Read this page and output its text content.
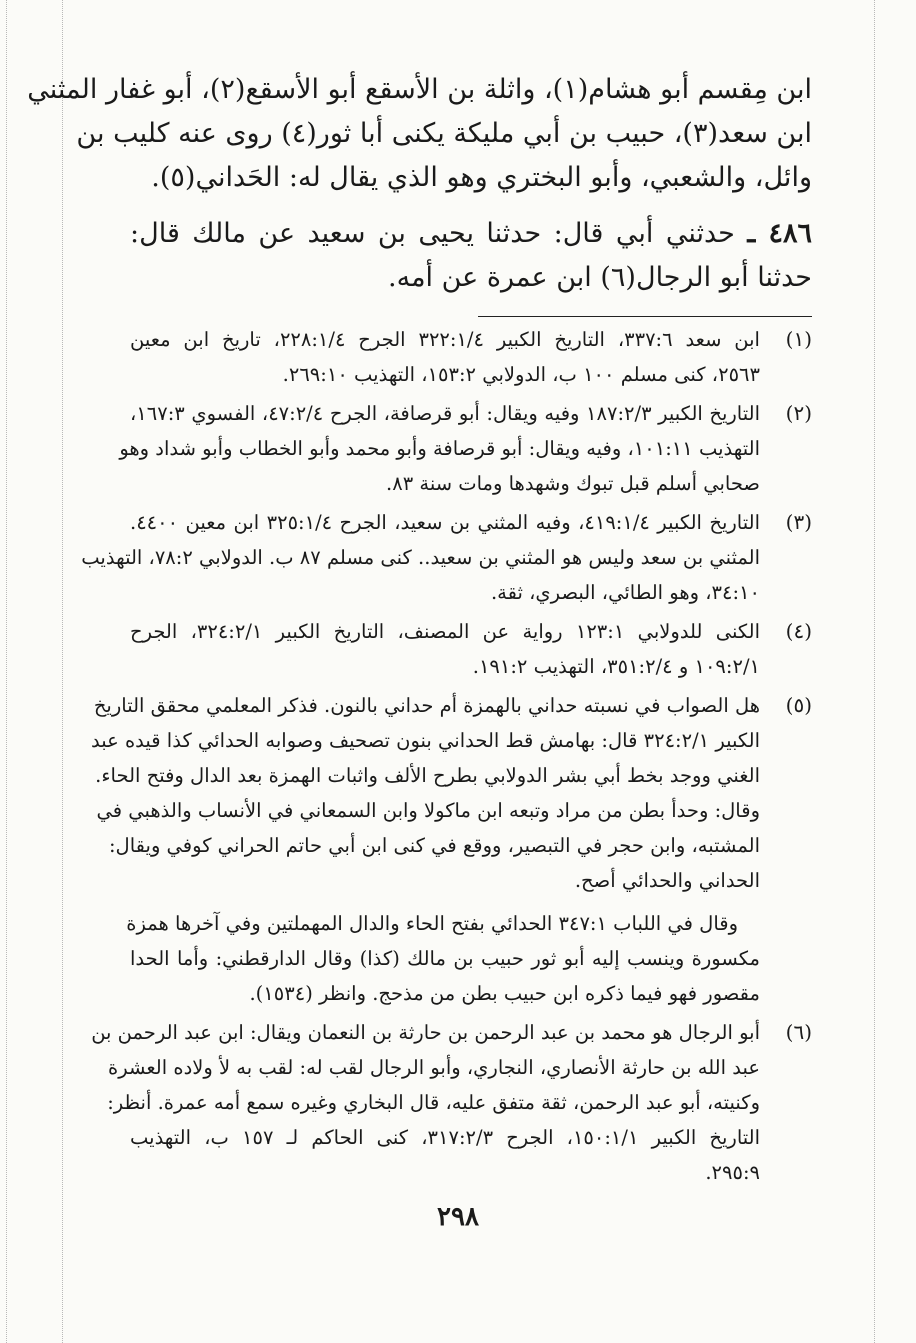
ابن مِقسم أبو هشام(١)، واثلة بن الأسقع أبو الأسقع(٢)، أبو غفار المثني
ابن سعد(٣)، حبيب بن أبي مليكة يكنى أبا ثور(٤) روى عنه كليب بن
وائل، والشعبي، وأبو البختري وهو الذي يقال له: الحَداني(٥).
٤٨٦ ـ حدثني أبي قال: حدثنا يحيى بن سعيد عن مالك قال:
حدثنا أبو الرجال(٦) ابن عمرة عن أمه.
(١)
ابن سعد ٣٣٧:٦، التاريخ الكبير ٣٢٢:١/٤ الجرح ٢٢٨:١/٤، تاريخ ابن معين
٢٥٦٣، كنى مسلم ١٠٠ ب، الدولابي ١٥٣:٢، التهذيب ٢٦٩:١٠.
(٢)
التاريخ الكبير ١٨٧:٢/٣ وفيه ويقال: أبو قرصافة، الجرح ٤٧:٢/٤، الفسوي ١٦٧:٣،
التهذيب ١٠١:١١، وفيه ويقال: أبو قرصافة وأبو محمد وأبو الخطاب وأبو شداد وهو
صحابي أسلم قبل تبوك وشهدها ومات سنة ٨٣.
(٣)
التاريخ الكبير ٤١٩:١/٤، وفيه المثني بن سعيد، الجرح ٣٢٥:١/٤ ابن معين ٤٤٠٠.
المثني بن سعد وليس هو المثني بن سعيد.. كنى مسلم ٨٧ ب. الدولابي ٧٨:٢، التهذيب
٣٤:١٠، وهو الطائي، البصري، ثقة.
(٤)
الكنى للدولابي ١٢٣:١ رواية عن المصنف، التاريخ الكبير ٣٢٤:٢/١، الجرح
١٠٩:٢/١ و ٣٥١:٢/٤، التهذيب ١٩١:٢.
(٥)
هل الصواب في نسبته حداني بالهمزة أم حداني بالنون. فذكر المعلمي محقق التاريخ
الكبير ٣٢٤:٢/١ قال: بهامش قط الحداني بنون تصحيف وصوابه الحدائي كذا قيده عبد
الغني ووجد بخط أبي بشر الدولابي بطرح الألف واثبات الهمزة بعد الدال وفتح الحاء.
وقال: وحدأ بطن من مراد وتبعه ابن ماكولا وابن السمعاني في الأنساب والذهبي في
المشتبه، وابن حجر في التبصير، ووقع في كنى ابن أبي حاتم الحراني كوفي ويقال:
الحداني والحدائي أصح.
وقال في اللباب ٣٤٧:١ الحدائي بفتح الحاء والدال المهملتين وفي آخرها همزة
مكسورة وينسب إليه أبو ثور حبيب بن مالك (كذا) وقال الدارقطني: وأما الحدا
مقصور فهو فيما ذكره ابن حبيب بطن من مذحج. وانظر (١٥٣٤).
(٦)
أبو الرجال هو محمد بن عبد الرحمن بن حارثة بن النعمان ويقال: ابن عبد الرحمن بن
عبد الله بن حارثة الأنصاري، النجاري، وأبو الرجال لقب له: لقب به لأ ولاده العشرة
وكنيته، أبو عبد الرحمن، ثقة متفق عليه، قال البخاري وغيره سمع أمه عمرة. أنظر:
التاريخ الكبير ١٥٠:١/١، الجرح ٣١٧:٢/٣، كنى الحاكم لـ ١٥٧ ب، التهذيب
٢٩٥:٩.
٢٩٨
